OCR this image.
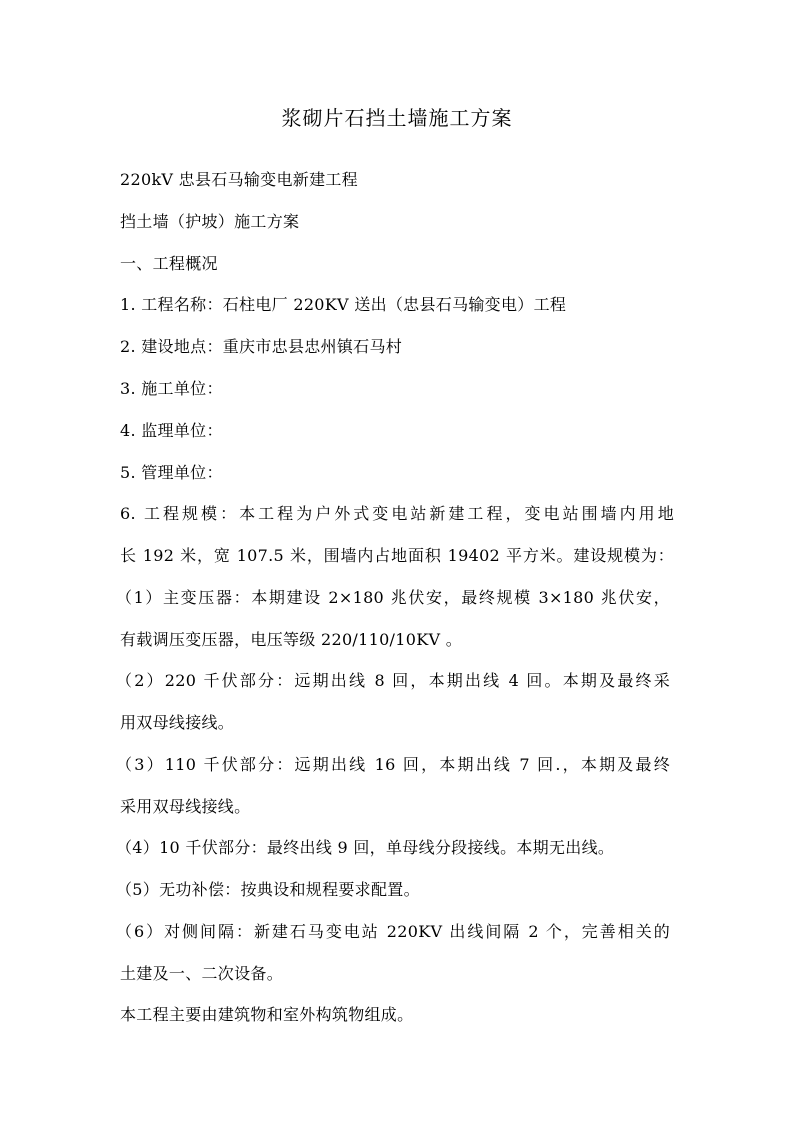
浆砌片石挡土墙施工方案
220kV 忠县石马输变电新建工程
挡土墙（护坡）施工方案
一、工程概况
1. 工程名称：石柱电厂 220KV 送出（忠县石马输变电）工程
2. 建设地点：重庆市忠县忠州镇石马村
3. 施工单位：
4. 监理单位：
5. 管理单位：
6. 工程规模：本工程为户外式变电站新建工程，变电站围墙内用地
长 192 米，宽 107.5 米，围墙内占地面积 19402 平方米。建设规模为：
（1）主变压器：本期建设 2×180 兆伏安，最终规模 3×180 兆伏安，
有载调压变压器，电压等级 220/110/10KV 。
（2）220 千伏部分：远期出线 8 回，本期出线 4 回。本期及最终采
用双母线接线。
（3）110 千伏部分：远期出线 16 回，本期出线 7 回.，本期及最终
采用双母线接线。
（4）10 千伏部分：最终出线 9 回，单母线分段接线。本期无出线。
（5）无功补偿：按典设和规程要求配置。
（6）对侧间隔：新建石马变电站 220KV 出线间隔 2 个，完善相关的
土建及一、二次设备。
本工程主要由建筑物和室外构筑物组成。
